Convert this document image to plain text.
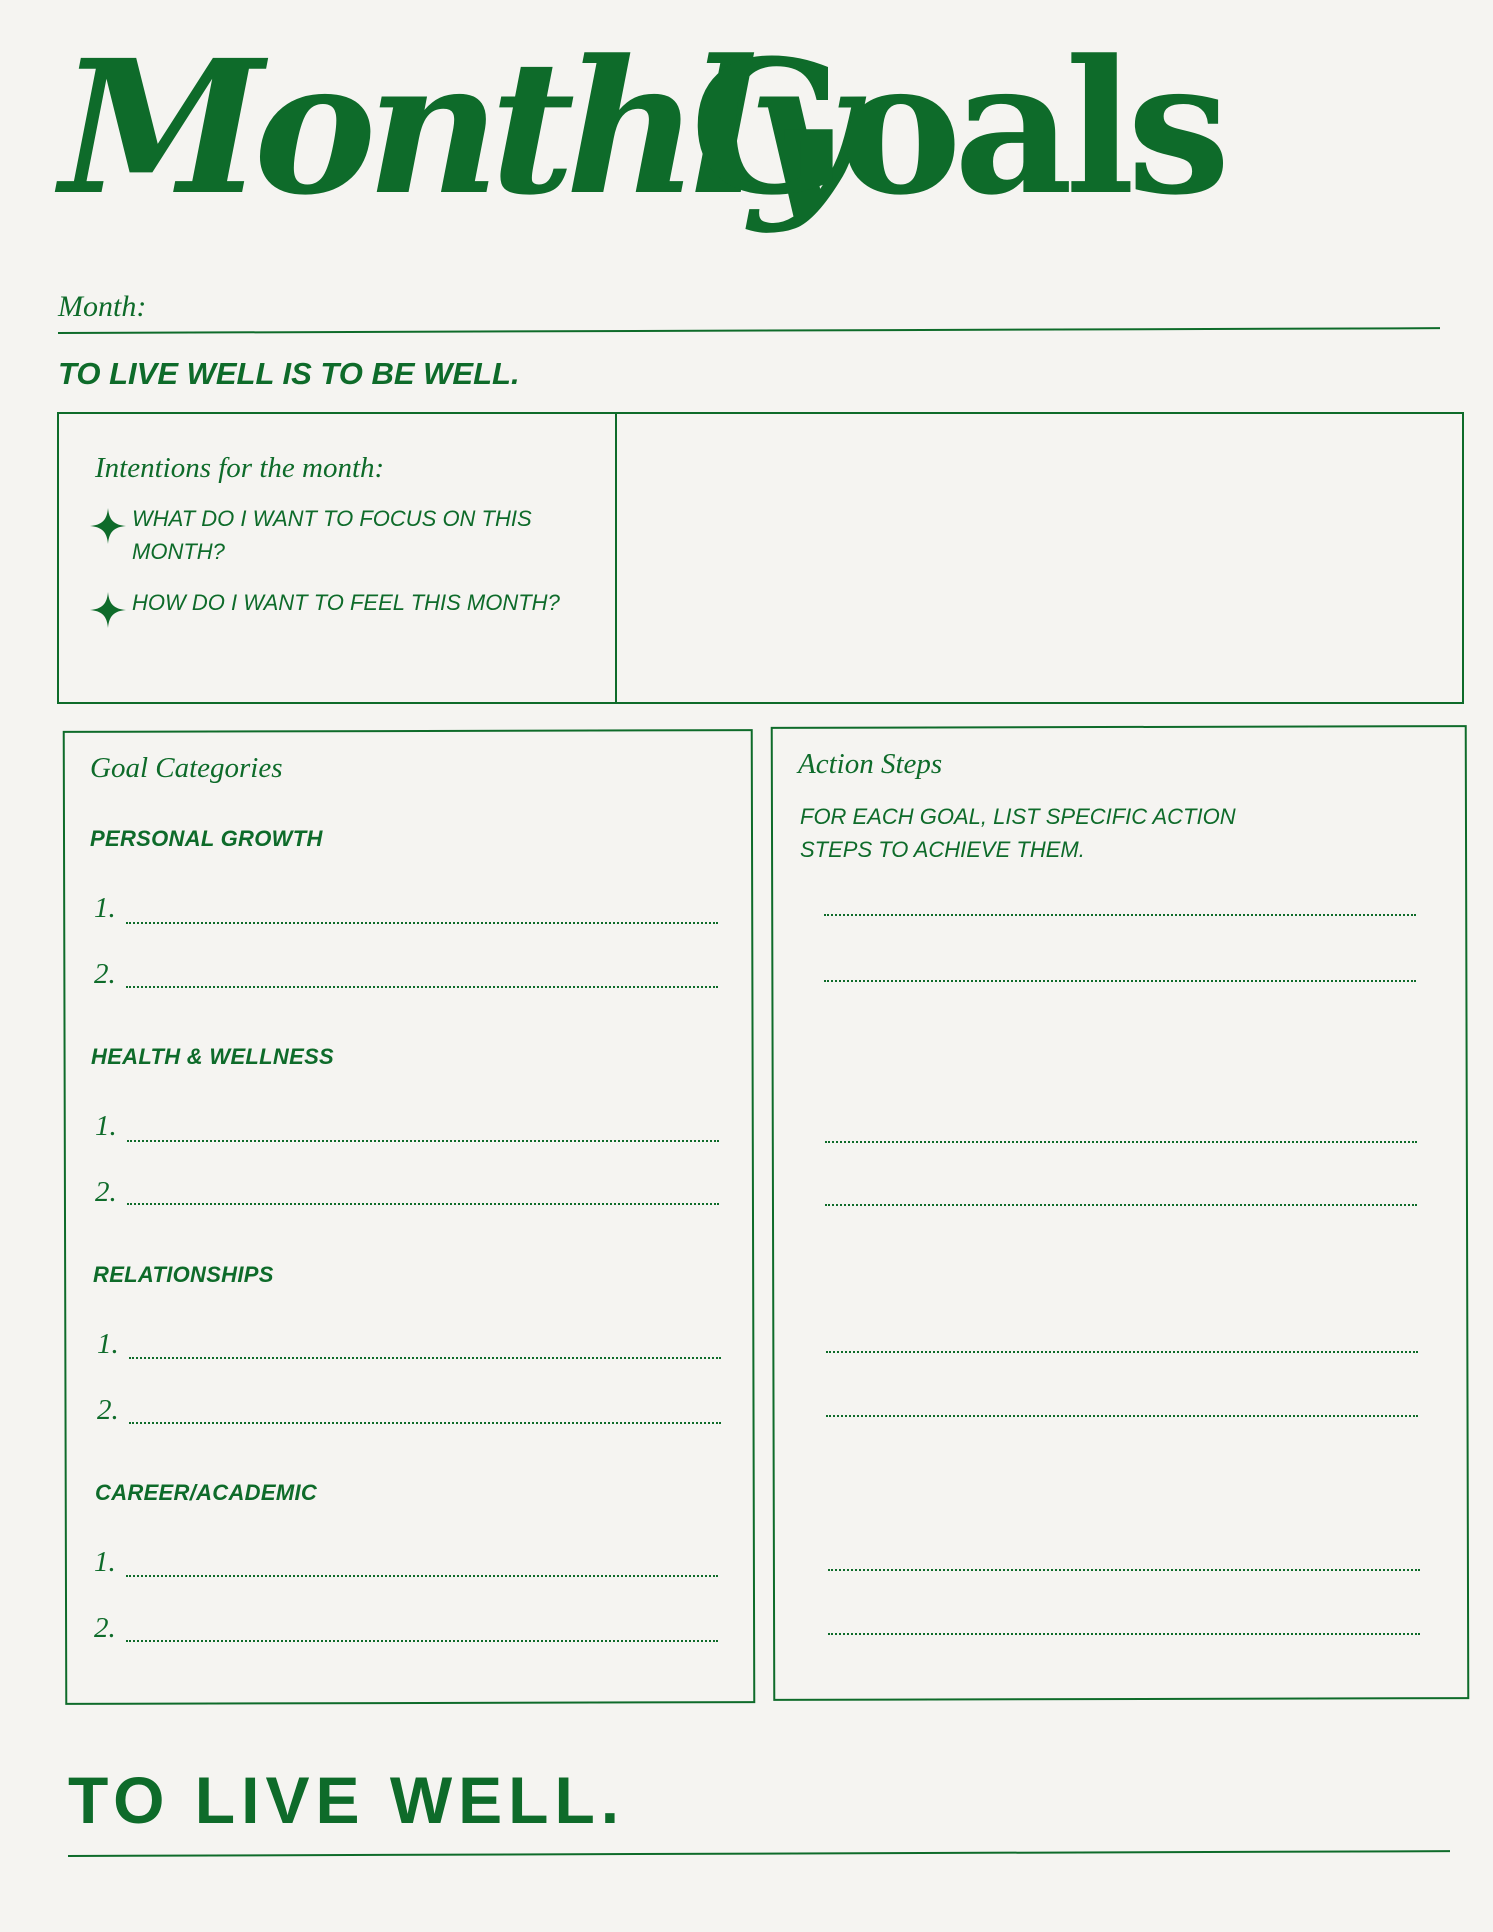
Monthly
Goals
Month:
TO LIVE WELL IS TO BE WELL.
Intentions for the month:
WHAT DO I WANT TO FOCUS ON THIS MONTH?
HOW DO I WANT TO FEEL THIS MONTH?
Goal Categories
PERSONAL GROWTH
1.
2.
HEALTH & WELLNESS
1.
2.
RELATIONSHIPS
1.
2.
CAREER/ACADEMIC
1.
2.
Action Steps
FOR EACH GOAL, LIST SPECIFIC ACTION STEPS TO ACHIEVE THEM.
TO LIVE WELL.
